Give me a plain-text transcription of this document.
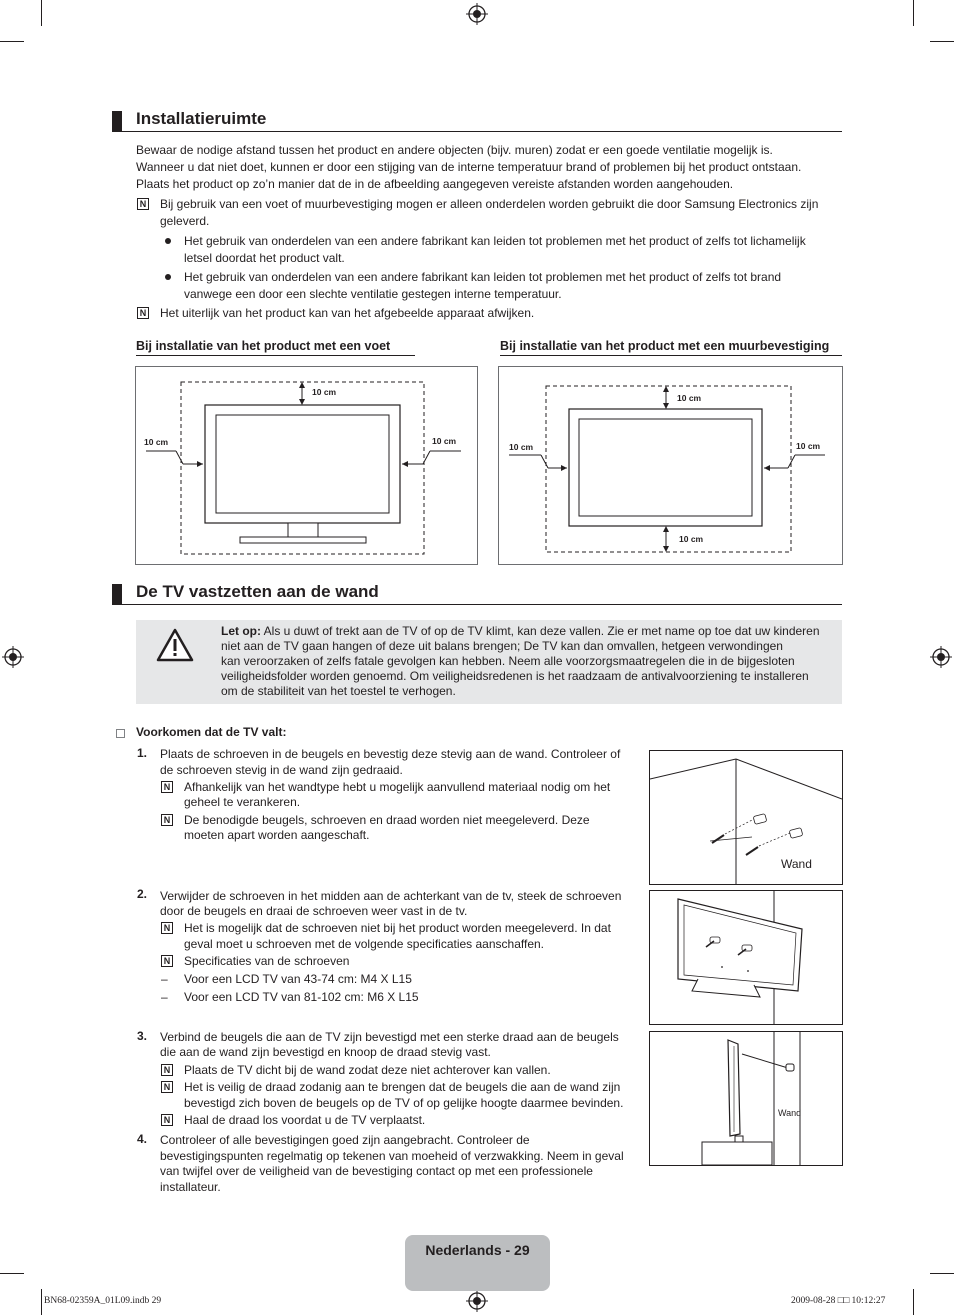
Installatieruimte
Bewaar de nodige afstand tussen het product en andere objecten (bijv. muren) zodat er een goede ventilatie mogelijk is.
Wanneer u dat niet doet, kunnen er door een stijging van de interne temperatuur brand of problemen bij het product ontstaan.
Plaats het product op zo’n manier dat de in de afbeelding aangegeven vereiste afstanden worden aangehouden.
N Bij gebruik van een voet of muurbevestiging mogen er alleen onderdelen worden gebruikt die door Samsung Electronics zijn
geleverd.
Het gebruik van onderdelen van een andere fabrikant kan leiden tot problemen met het product of zelfs tot lichamelijk
letsel doordat het product valt.
Het gebruik van onderdelen van een andere fabrikant kan leiden tot problemen met het product of zelfs tot brand
vanwege een door een slechte ventilatie gestegen interne temperatuur.
N Het uiterlijk van het product kan van het afgebeelde apparaat afwijken.
Bij installatie van het product met een voet	Bij installatie van het product met een muurbevestiging
10 cm
10 cm	10 cm
10 cm
10 cm	10 cm
10 cm
De TV vastzetten aan de wand
Let op: Als u duwt of trekt aan de TV of op de TV klimt, kan deze vallen. Zie er met name op toe dat uw kinderen
niet aan de TV gaan hangen of deze uit balans brengen; De TV kan dan omvallen, hetgeen verwondingen
kan veroorzaken of zelfs fatale gevolgen kan hebben. Neem alle voorzorgsmaatregelen die in de bijgesloten
veiligheidsfolder worden genoemd. Om veiligheidsredenen is het raadzaam de antivalvoorziening te installeren
om de stabiliteit van het toestel te verhogen.
Voorkomen dat de TV valt:
1. Plaats de schroeven in de beugels en bevestig deze stevig aan de wand. Controleer of
de schroeven stevig in de wand zijn gedraaid.
N Afhankelijk van het wandtype hebt u mogelijk aanvullend materiaal nodig om het
geheel te verankeren.
N De benodigde beugels, schroeven en draad worden niet meegeleverd. Deze
moeten apart worden aangeschaft.
2. Verwijder de schroeven in het midden aan de achterkant van de tv, steek de schroeven
door de beugels en draai de schroeven weer vast in de tv.
N Het is mogelijk dat de schroeven niet bij het product worden meegeleverd. In dat
geval moet u schroeven met de volgende specificaties aanschaffen.
N Specificaties van de schroeven
– Voor een LCD TV van 43-74 cm: M4 X L15
– Voor een LCD TV van 81-102 cm: M6 X L15
3. Verbind de beugels die aan de TV zijn bevestigd met een sterke draad aan de beugels
die aan de wand zijn bevestigd en knoop de draad stevig vast.
N Plaats de TV dicht bij de wand zodat deze niet achterover kan vallen.
N Het is veilig de draad zodanig aan te brengen dat de beugels die aan de wand zijn
bevestigd zich boven de beugels op de TV of op gelijke hoogte daarmee bevinden.
N Haal de draad los voordat u de TV verplaatst.
4. Controleer of alle bevestigingen goed zijn aangebracht. Controleer de
bevestigingspunten regelmatig op tekenen van moeheid of verzwakking. Neem in geval
van twijfel over de veiligheid van de bevestiging contact op met een professionele
installateur.
Wand
Wand
Nederlands - 29
BN68-02359A_01L09.indb 29	2009-08-28 □□ 10:12:27
